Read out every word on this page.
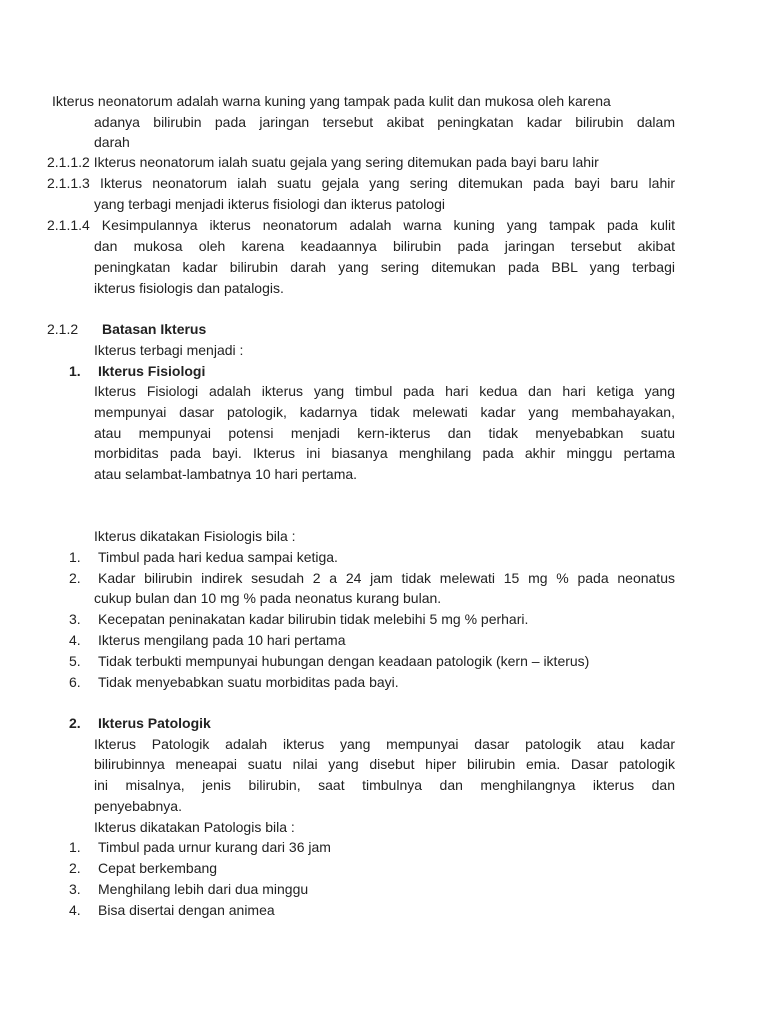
Ikterus neonatorum adalah warna kuning yang tampak pada kulit dan mukosa oleh karena
adanya bilirubin pada jaringan tersebut akibat peningkatan kadar bilirubin dalam
darah
2.1.1.2 Ikterus neonatorum ialah suatu gejala yang sering ditemukan pada bayi baru lahir
2.1.1.3 Ikterus neonatorum ialah suatu gejala yang sering ditemukan pada bayi baru lahir
yang terbagi menjadi ikterus fisiologi dan ikterus patologi
2.1.1.4 Kesimpulannya ikterus neonatorum adalah warna kuning yang tampak pada kulit
dan mukosa oleh karena keadaannya bilirubin pada jaringan tersebut akibat
peningkatan kadar bilirubin darah yang sering ditemukan pada BBL yang terbagi
ikterus fisiologis dan patalogis.
2.1.2 Batasan Ikterus
Ikterus terbagi menjadi :
1. Ikterus Fisiologi
Ikterus Fisiologi adalah ikterus yang timbul pada hari kedua dan hari ketiga yang
mempunyai dasar patologik, kadarnya tidak melewati kadar yang membahayakan,
atau mempunyai potensi menjadi kern-ikterus dan tidak menyebabkan suatu
morbiditas pada bayi. Ikterus ini biasanya menghilang pada akhir minggu pertama
atau selambat-lambatnya 10 hari pertama.
Ikterus dikatakan Fisiologis bila :
1. Timbul pada hari kedua sampai ketiga.
2. Kadar bilirubin indirek sesudah 2 a 24 jam tidak melewati 15 mg % pada neonatus
cukup bulan dan 10 mg % pada neonatus kurang bulan.
3. Kecepatan peninakatan kadar bilirubin tidak melebihi 5 mg % perhari.
4. Ikterus mengilang pada 10 hari pertama
5. Tidak terbukti mempunyai hubungan dengan keadaan patologik (kern – ikterus)
6. Tidak menyebabkan suatu morbiditas pada bayi.
2. Ikterus Patologik
Ikterus Patologik adalah ikterus yang mempunyai dasar patologik atau kadar
bilirubinnya meneapai suatu nilai yang disebut hiper bilirubin emia. Dasar patologik
ini misalnya, jenis bilirubin, saat timbulnya dan menghilangnya ikterus dan
penyebabnya.
Ikterus dikatakan Patologis bila :
1. Timbul pada urnur kurang dari 36 jam
2. Cepat berkembang
3. Menghilang lebih dari dua minggu
4. Bisa disertai dengan animea
